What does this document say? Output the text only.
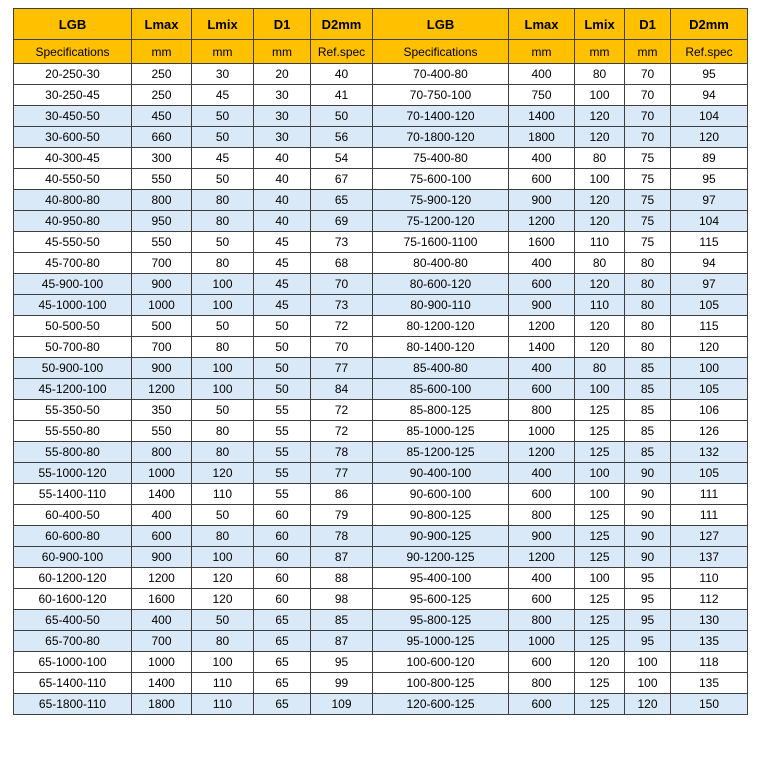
LGB	Lmax	Lmix	D1	D2mm	LGB	Lmax	Lmix	D1	D2mm
Specifications	mm	mm	mm	Ref.spec	Specifications	mm	mm	mm	Ref.spec
20-250-30	250	30	20	40	70-400-80	400	80	70	95
30-250-45	250	45	30	41	70-750-100	750	100	70	94
30-450-50	450	50	30	50	70-1400-120	1400	120	70	104
30-600-50	660	50	30	56	70-1800-120	1800	120	70	120
40-300-45	300	45	40	54	75-400-80	400	80	75	89
40-550-50	550	50	40	67	75-600-100	600	100	75	95
40-800-80	800	80	40	65	75-900-120	900	120	75	97
40-950-80	950	80	40	69	75-1200-120	1200	120	75	104
45-550-50	550	50	45	73	75-1600-1100	1600	110	75	115
45-700-80	700	80	45	68	80-400-80	400	80	80	94
45-900-100	900	100	45	70	80-600-120	600	120	80	97
45-1000-100	1000	100	45	73	80-900-110	900	110	80	105
50-500-50	500	50	50	72	80-1200-120	1200	120	80	115
50-700-80	700	80	50	70	80-1400-120	1400	120	80	120
50-900-100	900	100	50	77	85-400-80	400	80	85	100
45-1200-100	1200	100	50	84	85-600-100	600	100	85	105
55-350-50	350	50	55	72	85-800-125	800	125	85	106
55-550-80	550	80	55	72	85-1000-125	1000	125	85	126
55-800-80	800	80	55	78	85-1200-125	1200	125	85	132
55-1000-120	1000	120	55	77	90-400-100	400	100	90	105
55-1400-110	1400	110	55	86	90-600-100	600	100	90	111
60-400-50	400	50	60	79	90-800-125	800	125	90	111
60-600-80	600	80	60	78	90-900-125	900	125	90	127
60-900-100	900	100	60	87	90-1200-125	1200	125	90	137
60-1200-120	1200	120	60	88	95-400-100	400	100	95	110
60-1600-120	1600	120	60	98	95-600-125	600	125	95	112
65-400-50	400	50	65	85	95-800-125	800	125	95	130
65-700-80	700	80	65	87	95-1000-125	1000	125	95	135
65-1000-100	1000	100	65	95	100-600-120	600	120	100	118
65-1400-110	1400	110	65	99	100-800-125	800	125	100	135
65-1800-110	1800	110	65	109	120-600-125	600	125	120	150
